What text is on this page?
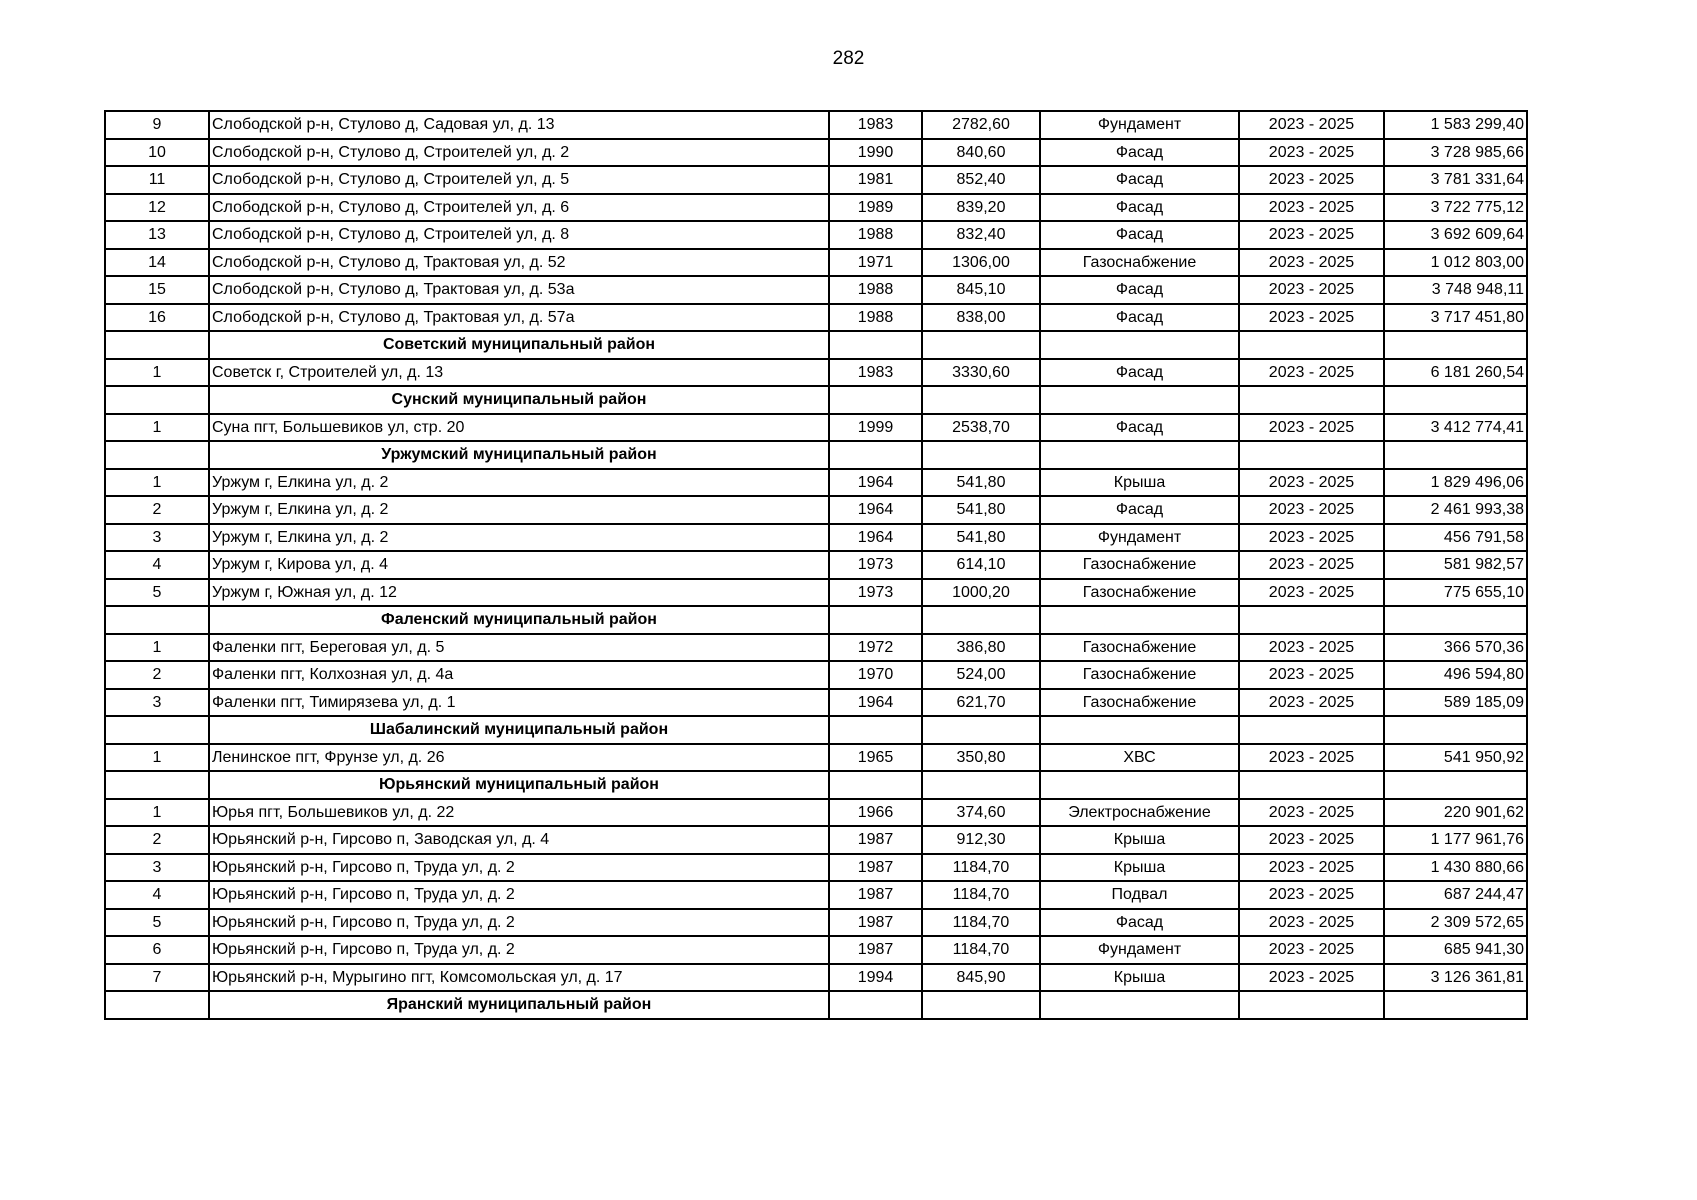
282
9	Слободской р-н, Стулово д, Садовая ул, д. 13	1983	2782,60	Фундамент	2023 - 2025	1 583 299,40
10	Слободской р-н, Стулово д, Строителей ул, д. 2	1990	840,60	Фасад	2023 - 2025	3 728 985,66
11	Слободской р-н, Стулово д, Строителей ул, д. 5	1981	852,40	Фасад	2023 - 2025	3 781 331,64
12	Слободской р-н, Стулово д, Строителей ул, д. 6	1989	839,20	Фасад	2023 - 2025	3 722 775,12
13	Слободской р-н, Стулово д, Строителей ул, д. 8	1988	832,40	Фасад	2023 - 2025	3 692 609,64
14	Слободской р-н, Стулово д, Трактовая ул, д. 52	1971	1306,00	Газоснабжение	2023 - 2025	1 012 803,00
15	Слободской р-н, Стулово д, Трактовая ул, д. 53а	1988	845,10	Фасад	2023 - 2025	3 748 948,11
16	Слободской р-н, Стулово д, Трактовая ул, д. 57а	1988	838,00	Фасад	2023 - 2025	3 717 451,80
	Советский муниципальный район					
1	Советск г, Строителей ул, д. 13	1983	3330,60	Фасад	2023 - 2025	6 181 260,54
	Сунский муниципальный район					
1	Суна пгт, Большевиков ул, стр. 20	1999	2538,70	Фасад	2023 - 2025	3 412 774,41
	Уржумский муниципальный район					
1	Уржум г, Елкина ул, д. 2	1964	541,80	Крыша	2023 - 2025	1 829 496,06
2	Уржум г, Елкина ул, д. 2	1964	541,80	Фасад	2023 - 2025	2 461 993,38
3	Уржум г, Елкина ул, д. 2	1964	541,80	Фундамент	2023 - 2025	456 791,58
4	Уржум г, Кирова ул, д. 4	1973	614,10	Газоснабжение	2023 - 2025	581 982,57
5	Уржум г, Южная ул, д. 12	1973	1000,20	Газоснабжение	2023 - 2025	775 655,10
	Фаленский муниципальный район					
1	Фаленки пгт, Береговая ул, д. 5	1972	386,80	Газоснабжение	2023 - 2025	366 570,36
2	Фаленки пгт, Колхозная ул, д. 4а	1970	524,00	Газоснабжение	2023 - 2025	496 594,80
3	Фаленки пгт, Тимирязева ул, д. 1	1964	621,70	Газоснабжение	2023 - 2025	589 185,09
	Шабалинский муниципальный район					
1	Ленинское пгт, Фрунзе ул, д. 26	1965	350,80	ХВС	2023 - 2025	541 950,92
	Юрьянский муниципальный район					
1	Юрья пгт, Большевиков ул, д. 22	1966	374,60	Электроснабжение	2023 - 2025	220 901,62
2	Юрьянский р-н, Гирсово п, Заводская ул, д. 4	1987	912,30	Крыша	2023 - 2025	1 177 961,76
3	Юрьянский р-н, Гирсово п, Труда ул, д. 2	1987	1184,70	Крыша	2023 - 2025	1 430 880,66
4	Юрьянский р-н, Гирсово п, Труда ул, д. 2	1987	1184,70	Подвал	2023 - 2025	687 244,47
5	Юрьянский р-н, Гирсово п, Труда ул, д. 2	1987	1184,70	Фасад	2023 - 2025	2 309 572,65
6	Юрьянский р-н, Гирсово п, Труда ул, д. 2	1987	1184,70	Фундамент	2023 - 2025	685 941,30
7	Юрьянский р-н, Мурыгино пгт, Комсомольская ул, д. 17	1994	845,90	Крыша	2023 - 2025	3 126 361,81
	Яранский муниципальный район					
